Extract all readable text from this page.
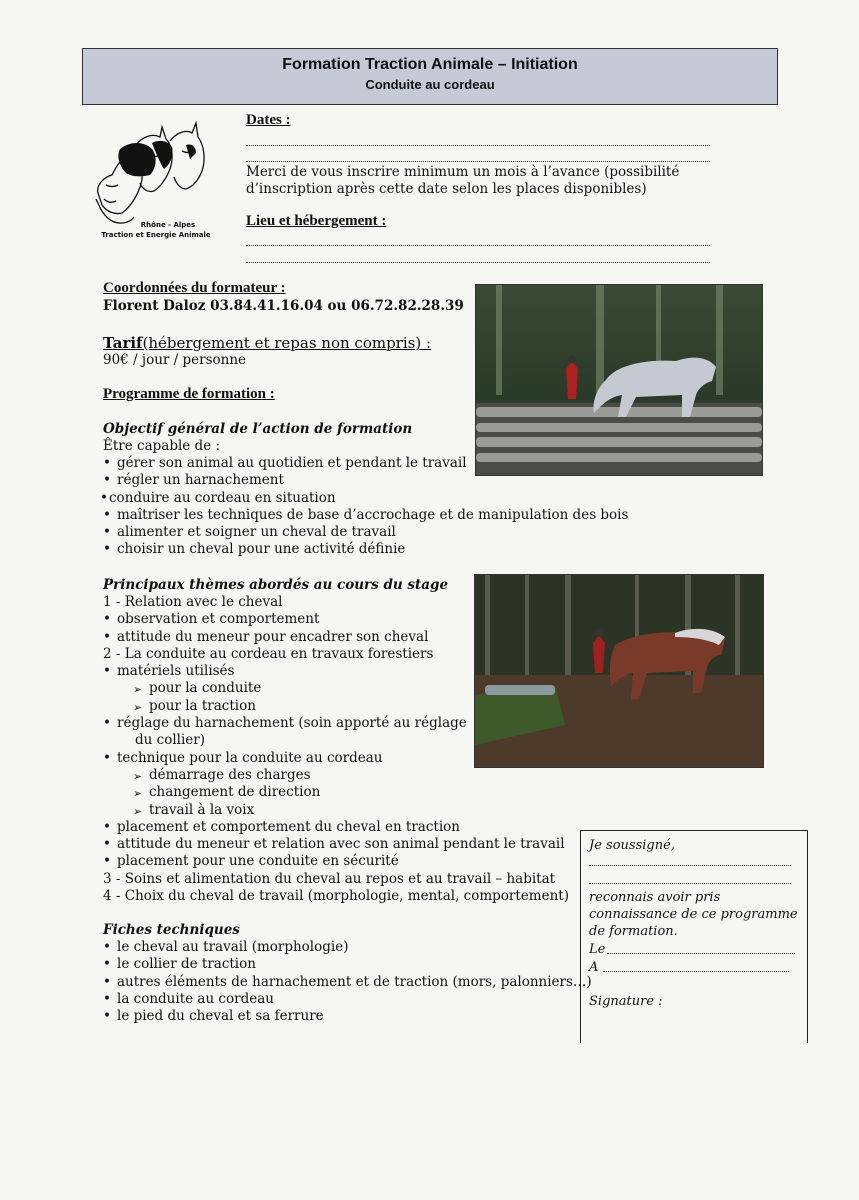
Formation Traction Animale – Initiation
Conduite au cordeau
Rhône - Alpes
Traction et Energie Animale
Dates :
Merci de vous inscrire minimum un mois à l’avance (possibilité d’inscription après cette date selon les places disponibles)
Lieu et hébergement :
Coordonnées du formateur :
Florent Daloz 03.84.41.16.04 ou 06.72.82.28.39
Tarif(hébergement et repas non compris) :
90€ / jour / personne
Programme de formation :
Objectif général de l’action de formation
Être capable de :
• gérer son animal au quotidien et pendant le travail
• régler un harnachement
• conduire au cordeau en situation
• maîtriser les techniques de base d’accrochage et de manipulation des bois
• alimenter et soigner un cheval de travail
• choisir un cheval pour une activité définie
Principaux thèmes abordés au cours du stage
1 - Relation avec le cheval
• observation et comportement
• attitude du meneur pour encadrer son cheval
2 - La conduite au cordeau en travaux forestiers
• matériels utilisés
➢ pour la conduite
➢ pour la traction
• réglage du harnachement (soin apporté au réglage
du collier)
• technique pour la conduite au cordeau
➢ démarrage des charges
➢ changement de direction
➢ travail à la voix
• placement et comportement du cheval en traction
• attitude du meneur et relation avec son animal pendant le travail
• placement pour une conduite en sécurité
3 - Soins et alimentation du cheval au repos et au travail – habitat
4 - Choix du cheval de travail (morphologie, mental, comportement)
Fiches techniques
• le cheval au travail (morphologie)
• le collier de traction
• autres éléments de harnachement et de traction (mors, palonniers…)
• la conduite au cordeau
• le pied du cheval et sa ferrure
Je soussigné,
reconnais avoir pris connaissance de ce programme de formation.
Le
A
Signature :
